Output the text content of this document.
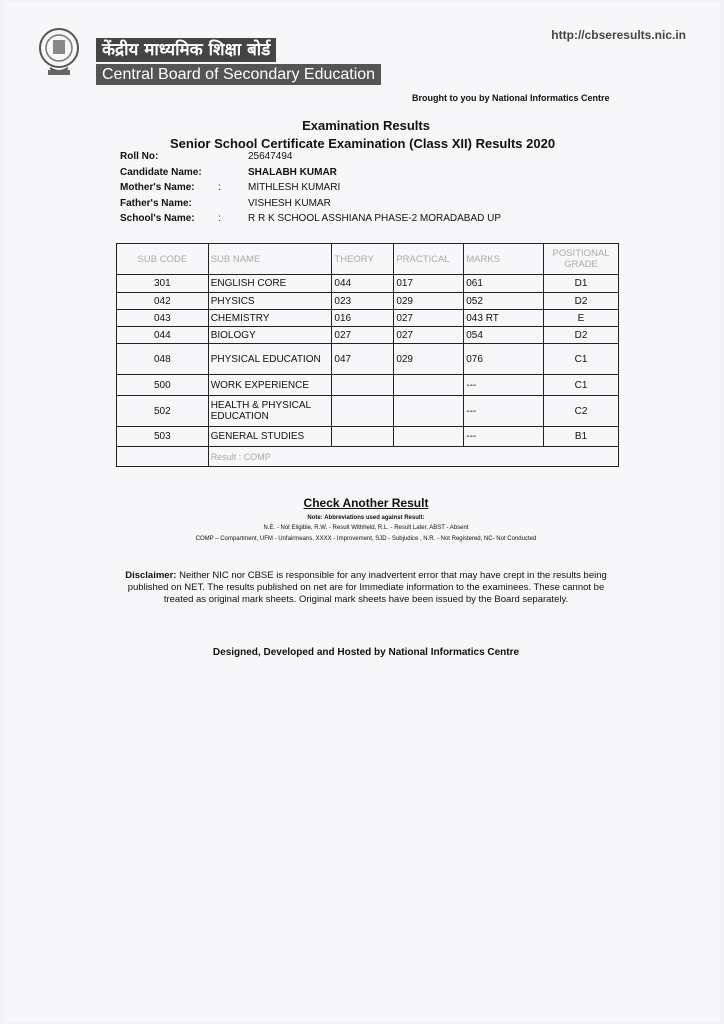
http://cbseresults.nic.in
केंद्रीय माध्यमिक शिक्षा बोर्ड
Central Board of Secondary Education
Brought to you by National Informatics Centre
Examination Results
Senior School Certificate Examination (Class XII) Results 2020
Roll No:	25647494
Candidate Name:	SHALABH KUMAR
Mother's Name:	:	MITHLESH KUMARI
Father's Name:	VISHESH KUMAR
School's Name:	:	R R K SCHOOL ASSHIANA PHASE-2 MORADABAD UP
SUB CODE	SUB NAME	THEORY	PRACTICAL	MARKS	POSITIONAL GRADE
301	ENGLISH CORE	044	017	061	D1
042	PHYSICS	023	029	052	D2
043	CHEMISTRY	016	027	043 RT	E
044	BIOLOGY	027	027	054	D2
048	PHYSICAL EDUCATION	047	029	076	C1
500	WORK EXPERIENCE			---	C1
502	HEALTH & PHYSICAL EDUCATION			---	C2
503	GENERAL STUDIES			---	B1
	Result : COMP				
Check Another Result
Note: Abbreviations used against Result:
N.E. - Not Eligible, R.W. - Result Withheld, R.L. - Result Later, ABST - Absent
COMP – Compartment, UFM - Unfairmeans, XXXX - Improvement, SJD - Subjudice , N.R. - Not Registered, NC- Not Conducted
Disclaimer: Neither NIC nor CBSE is responsible for any inadvertent error that may have crept in the results being published on NET. The results published on net are for Immediate information to the examinees. These cannot be treated as original mark sheets. Original mark sheets have been issued by the Board separately.
Designed, Developed and Hosted by National Informatics Centre
